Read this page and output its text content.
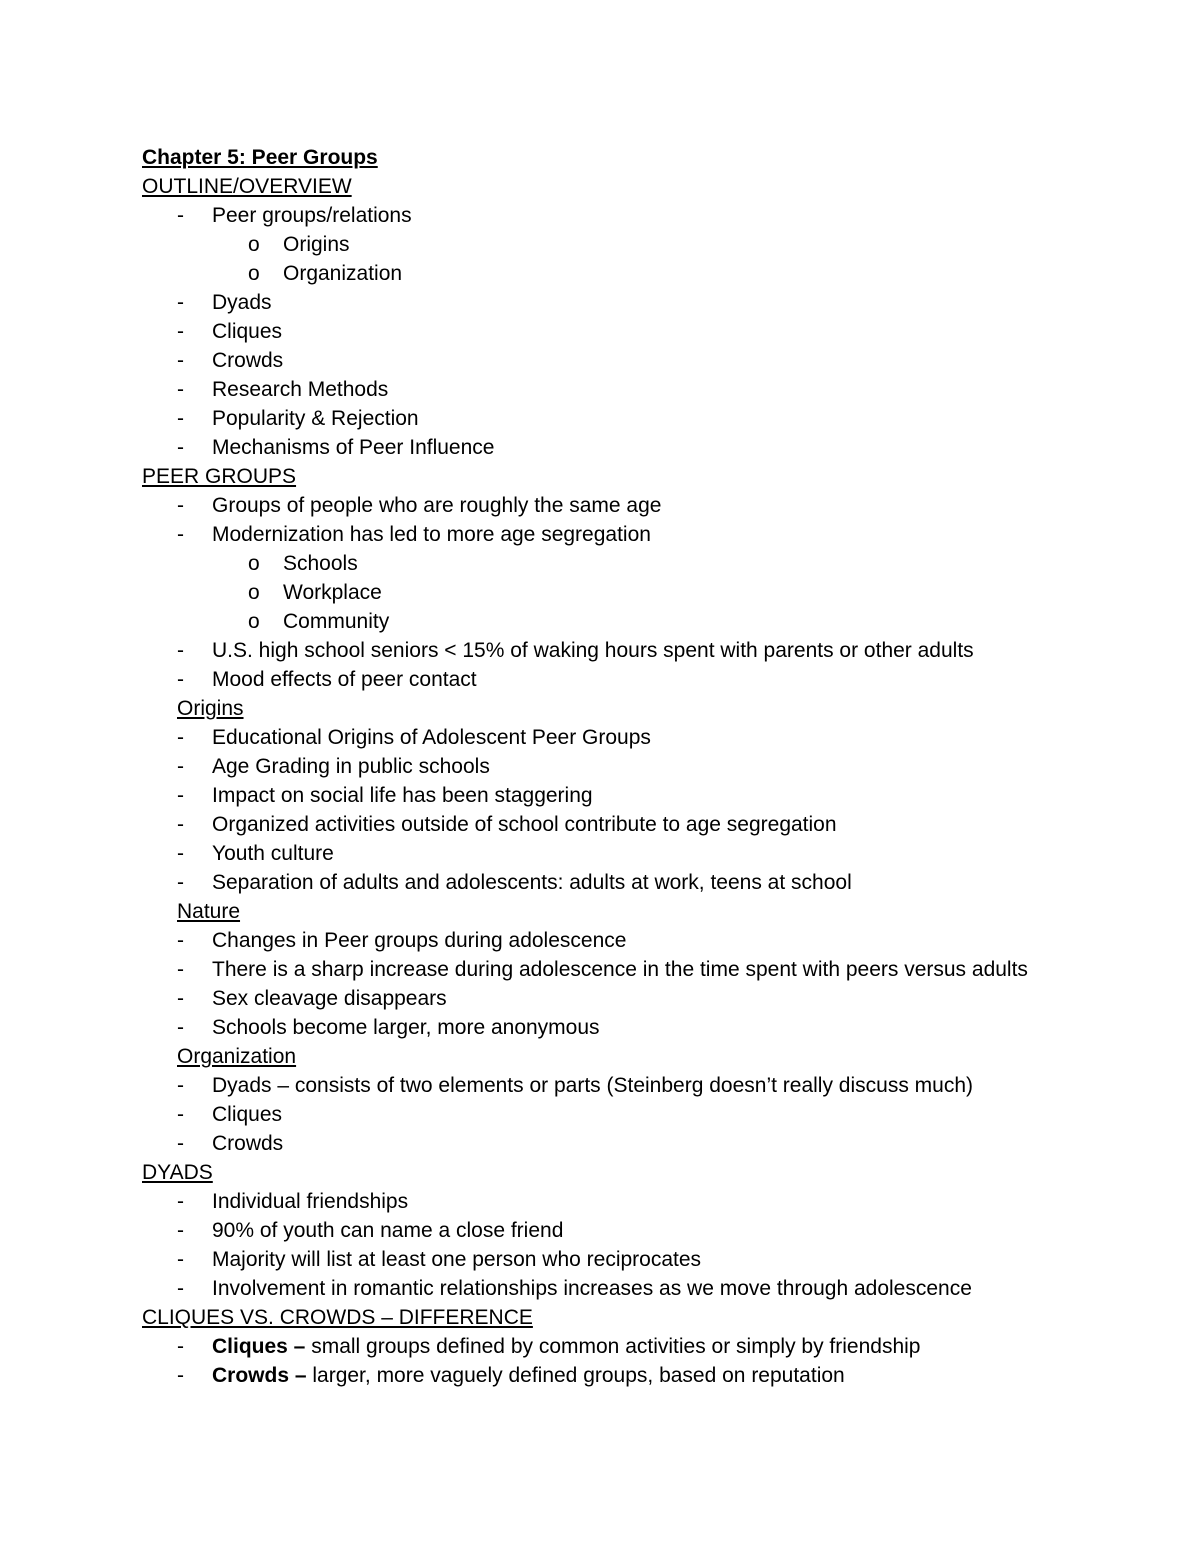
Chapter 5: Peer Groups
OUTLINE/OVERVIEW
- Peer groups/relations
o Origins
o Organization
- Dyads
- Cliques
- Crowds
- Research Methods
- Popularity & Rejection
- Mechanisms of Peer Influence
PEER GROUPS
- Groups of people who are roughly the same age
- Modernization has led to more age segregation
o Schools
o Workplace
o Community
- U.S. high school seniors < 15% of waking hours spent with parents or other adults
- Mood effects of peer contact
Origins
- Educational Origins of Adolescent Peer Groups
- Age Grading in public schools
- Impact on social life has been staggering
- Organized activities outside of school contribute to age segregation
- Youth culture
- Separation of adults and adolescents: adults at work, teens at school
Nature
- Changes in Peer groups during adolescence
- There is a sharp increase during adolescence in the time spent with peers versus adults
- Sex cleavage disappears
- Schools become larger, more anonymous
Organization
- Dyads – consists of two elements or parts (Steinberg doesn’t really discuss much)
- Cliques
- Crowds
DYADS
- Individual friendships
- 90% of youth can name a close friend
- Majority will list at least one person who reciprocates
- Involvement in romantic relationships increases as we move through adolescence
CLIQUES VS. CROWDS – DIFFERENCE
- Cliques – small groups defined by common activities or simply by friendship
- Crowds – larger, more vaguely defined groups, based on reputation
